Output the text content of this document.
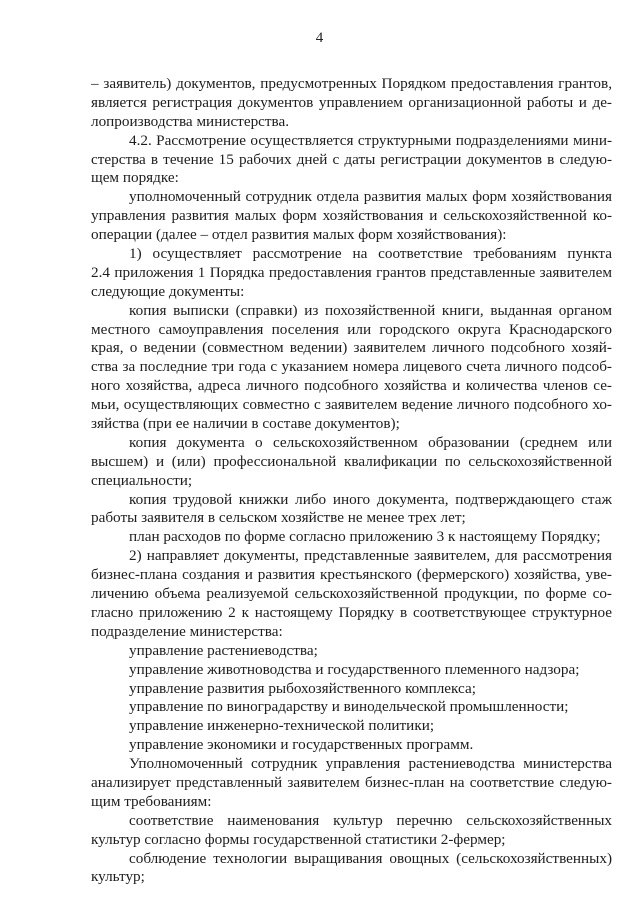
4
– заявитель) документов, предусмотренных Порядком предоставления грантов,
является регистрация документов управлением организационной работы и де-
лопроизводства министерства.
4.2. Рассмотрение осуществляется структурными подразделениями мини-
стерства в течение 15 рабочих дней с даты регистрации документов в следую-
щем порядке:
уполномоченный сотрудник отдела развития малых форм хозяйствования
управления развития малых форм хозяйствования и сельскохозяйственной ко-
операции (далее – отдел развития малых форм хозяйствования):
1) осуществляет рассмотрение на соответствие требованиям пункта
2.4 приложения 1 Порядка предоставления грантов представленные заявителем
следующие документы:
копия выписки (справки) из похозяйственной книги, выданная органом
местного самоуправления поселения или городского округа Краснодарского
края, о ведении (совместном ведении) заявителем личного подсобного хозяй-
ства за последние три года с указанием номера лицевого счета личного подсоб-
ного хозяйства, адреса личного подсобного хозяйства и количества членов се-
мьи, осуществляющих совместно с заявителем ведение личного подсобного хо-
зяйства (при ее наличии в составе документов);
копия документа о сельскохозяйственном образовании (среднем или
высшем) и (или) профессиональной квалификации по сельскохозяйственной
специальности;
копия трудовой книжки либо иного документа, подтверждающего стаж
работы заявителя в сельском хозяйстве не менее трех лет;
план расходов по форме согласно приложению 3 к настоящему Порядку;
2) направляет документы, представленные заявителем, для рассмотрения
бизнес-плана создания и развития крестьянского (фермерского) хозяйства, уве-
личению объема реализуемой сельскохозяйственной продукции, по форме со-
гласно приложению 2 к настоящему Порядку в соответствующее структурное
подразделение министерства:
управление растениеводства;
управление животноводства и государственного племенного надзора;
управление развития рыбохозяйственного комплекса;
управление по виноградарству и винодельческой промышленности;
управление инженерно-технической политики;
управление экономики и государственных программ.
Уполномоченный сотрудник управления растениеводства министерства
анализирует представленный заявителем бизнес-план на соответствие следую-
щим требованиям:
соответствие наименования культур перечню сельскохозяйственных
культур согласно формы государственной статистики 2-фермер;
соблюдение технологии выращивания овощных (сельскохозяйственных)
культур;
